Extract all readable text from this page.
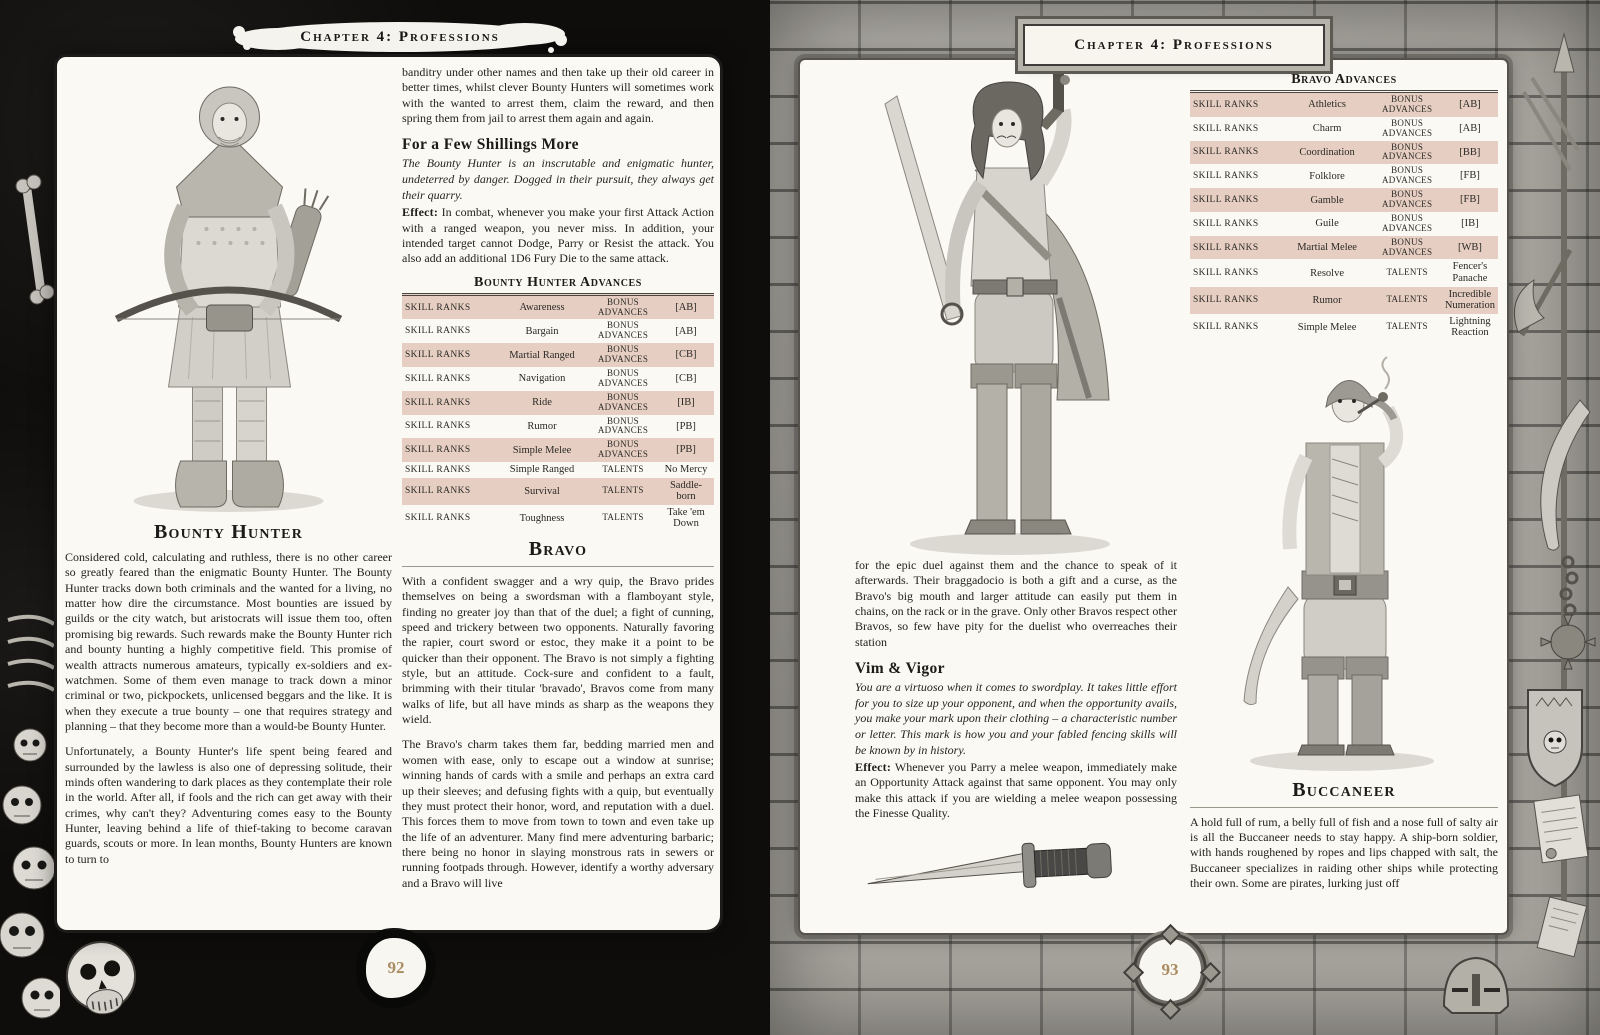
Bounty Hunter

Considered cold, calculating and ruthless, there is no other career so greatly feared than the enigmatic Bounty Hunter. The Bounty Hunter tracks down both criminals and the wanted for a living, no matter how dire the circumstance. Most bounties are issued by guilds or the city watch, but aristocrats will issue them too, often promising big rewards. Such rewards make the Bounty Hunter rich and bounty hunting a highly competitive field. This promise of wealth attracts numerous amateurs, typically ex-soldiers and ex-watchmen. Some of them even manage to track down a minor criminal or two, pickpockets, unlicensed beggars and the like. It is when they execute a true bounty – one that requires strategy and planning – that they become more than a would-be Bounty Hunter.

Unfortunately, a Bounty Hunter's life spent being feared and surrounded by the lawless is also one of depressing solitude, their minds often wandering to dark places as they contemplate their role in the world. After all, if fools and the rich can get away with their crimes, why can't they? Adventuring comes easy to the Bounty Hunter, leaving behind a life of thief-taking to become caravan guards, scouts or more. In lean months, Bounty Hunters are known to turn to

banditry under other names and then take up their old career in better times, whilst clever Bounty Hunters will sometimes work with the wanted to arrest them, claim the reward, and then spring them from jail to arrest them again and again.

For a Few Shillings More

The Bounty Hunter is an inscrutable and enigmatic hunter, undeterred by danger. Dogged in their pursuit, they always get their quarry.

Effect: In combat, whenever you make your first Attack Action with a ranged weapon, you never miss. In addition, your intended target cannot Dodge, Parry or Resist the attack. You also add an additional 1D6 Fury Die to the same attack.

Bounty Hunter Advances
SKILL RANKS	Awareness	BONUS ADVANCES	[AB]
SKILL RANKS	Bargain	BONUS ADVANCES	[AB]
SKILL RANKS	Martial Ranged	BONUS ADVANCES	[CB]
SKILL RANKS	Navigation	BONUS ADVANCES	[CB]
SKILL RANKS	Ride	BONUS ADVANCES	[IB]
SKILL RANKS	Rumor	BONUS ADVANCES	[PB]
SKILL RANKS	Simple Melee	BONUS ADVANCES	[PB]
SKILL RANKS	Simple Ranged	TALENTS	No Mercy
SKILL RANKS	Survival	TALENTS	Saddle-born
SKILL RANKS	Toughness	TALENTS	Take 'em Down
Bravo

With a confident swagger and a wry quip, the Bravo prides themselves on being a swordsman with a flamboyant style, finding no greater joy than that of the duel; a fight of cunning, speed and trickery between two opponents. Naturally favoring the rapier, court sword or estoc, they make it a point to be quicker than their opponent. The Bravo is not simply a fighting style, but an attitude. Cock-sure and confident to a fault, brimming with their titular 'bravado', Bravos come from many walks of life, but all have minds as sharp as the weapons they wield.

The Bravo's charm takes them far, bedding married men and women with ease, only to escape out a window at sunrise; winning hands of cards with a smile and perhaps an extra card up their sleeves; and defusing fights with a quip, but eventually they must protect their honor, word, and reputation with a duel. This forces them to move from town to town and even take up the life of an adventurer. Many find mere adventuring barbaric; there being no honor in slaying monstrous rats in sewers or running footpads through. However, identify a worthy adversary and a Bravo will live

for the epic duel against them and the chance to speak of it afterwards. Their braggadocio is both a gift and a curse, as the Bravo's big mouth and larger attitude can easily put them in chains, on the rack or in the grave. Only other Bravos respect other Bravos, so few have pity for the duelist who overreaches their station

Vim & Vigor

You are a virtuoso when it comes to swordplay. It takes little effort for you to size up your opponent, and when the opportunity avails, you make your mark upon their clothing – a characteristic number or letter. This mark is how you and your fabled fencing skills will be known by in history.

Effect: Whenever you Parry a melee weapon, immediately make an Opportunity Attack against that same opponent. You may only make this attack if you are wielding a melee weapon possessing the Finesse Quality.

Bravo Advances
SKILL RANKS	Athletics	BONUS ADVANCES	[AB]
SKILL RANKS	Charm	BONUS ADVANCES	[AB]
SKILL RANKS	Coordination	BONUS ADVANCES	[BB]
SKILL RANKS	Folklore	BONUS ADVANCES	[FB]
SKILL RANKS	Gamble	BONUS ADVANCES	[FB]
SKILL RANKS	Guile	BONUS ADVANCES	[IB]
SKILL RANKS	Martial Melee	BONUS ADVANCES	[WB]
SKILL RANKS	Resolve	TALENTS	Fencer's Panache
SKILL RANKS	Rumor	TALENTS	Incredible Numeration
SKILL RANKS	Simple Melee	TALENTS	Lightning Reaction
Buccaneer

A hold full of rum, a belly full of fish and a nose full of salty air is all the Buccaneer needs to stay happy. A ship-born soldier, with hands roughened by ropes and lips chapped with salt, the Buccaneer specializes in raiding other ships while protecting their own. Some are pirates, lurking just off

Chapter 4: Professions	Chapter 4: Professions
92	93
